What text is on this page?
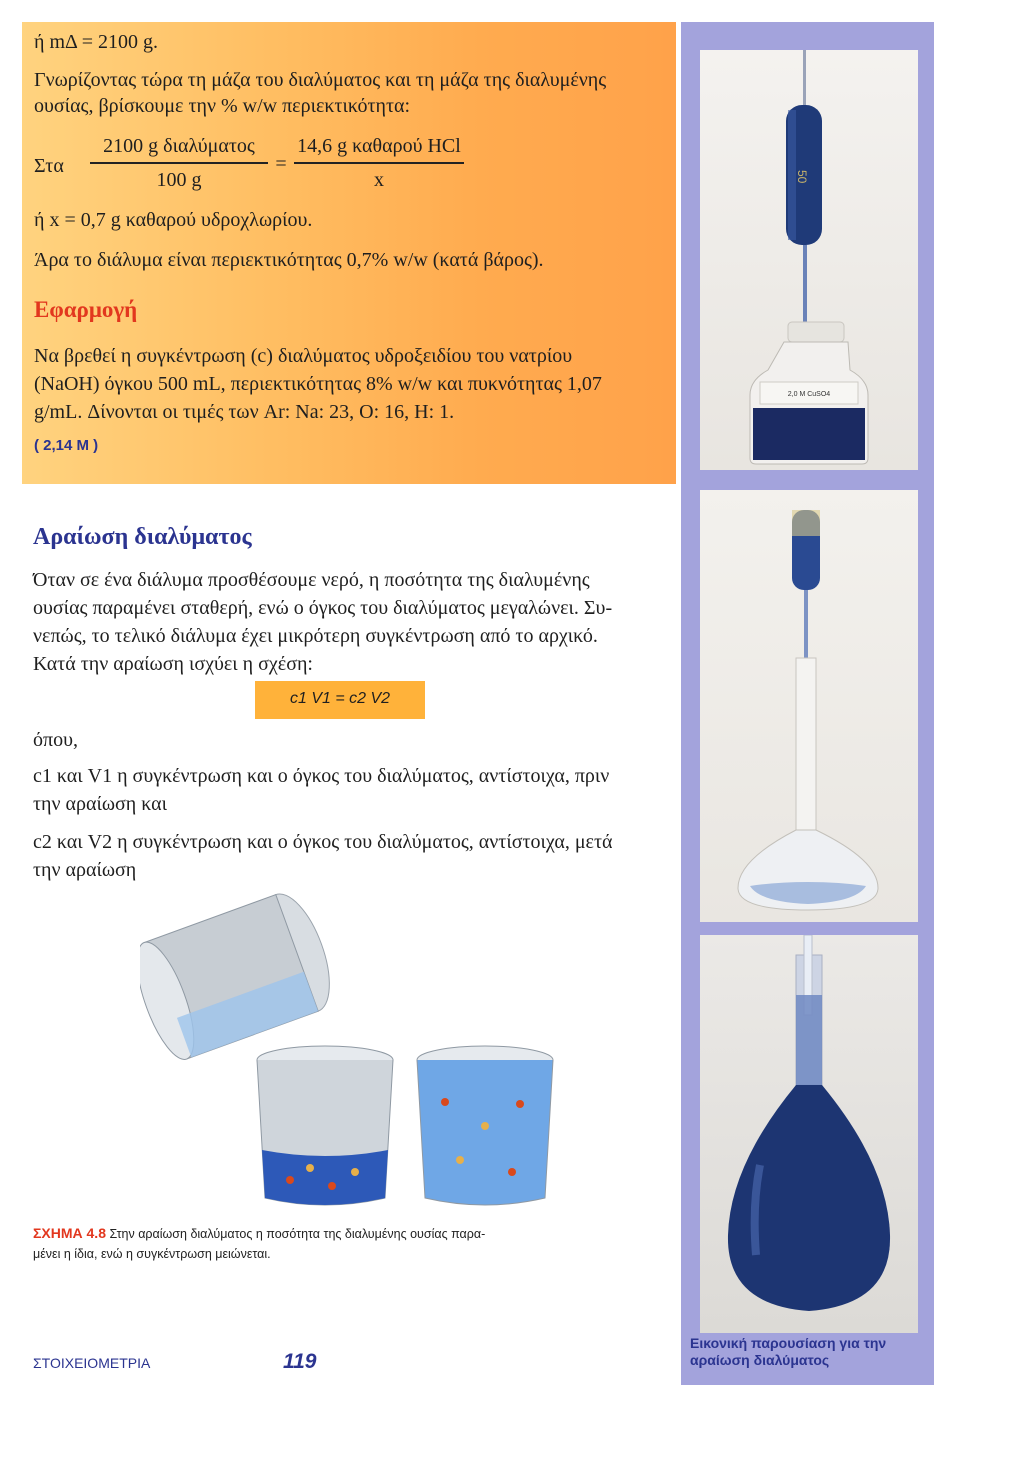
ή mΔ = 2100 g.
Γνωρίζοντας τώρα τη μάζα του διαλύματος και τη μάζα της διαλυμένης
ουσίας, βρίσκουμε την % w/w περιεκτικότητα:
Στα
2100 g διαλύματος
100 g
=
14,6 g καθαρού HCl
x
ή x = 0,7 g καθαρού υδροχλωρίου.
Άρα το διάλυμα είναι περιεκτικότητας 0,7% w/w (κατά βάρος).
Εφαρμογή
Να βρεθεί η συγκέντρωση (c) διαλύματος υδροξειδίου του νατρίου
(NaOH) όγκου 500 mL, περιεκτικότητας 8% w/w και πυκνότητας 1,07
g/mL. Δίνονται οι τιμές των Ar: Na: 23, O: 16, H: 1.
( 2,14 M )
2,0 M CuSO4
50
Εικονική παρουσίαση για την
αραίωση διαλύματος
Αραίωση διαλύματος
Όταν σε ένα διάλυμα προσθέσουμε νερό, η ποσότητα της διαλυμένης
ουσίας παραμένει σταθερή, ενώ ο όγκος του διαλύματος μεγαλώνει. Συ-
νεπώς, το τελικό διάλυμα έχει μικρότερη συγκέντρωση από το αρχικό.
Κατά την αραίωση ισχύει η σχέση:
c1 V1 = c2 V2
όπου,
c1 και V1 η συγκέντρωση και ο όγκος του διαλύματος, αντίστοιχα, πριν
την αραίωση και
c2 και V2 η συγκέντρωση και ο όγκος του διαλύματος, αντίστοιχα, μετά
την αραίωση
ΣΧΗΜΑ 4.8 Στην αραίωση διαλύματος η ποσότητα της διαλυμένης ουσίας παρα-
μένει η ίδια, ενώ η συγκέντρωση μειώνεται.
ΣΤΟΙΧΕΙΟΜΕΤΡΙΑ	119
